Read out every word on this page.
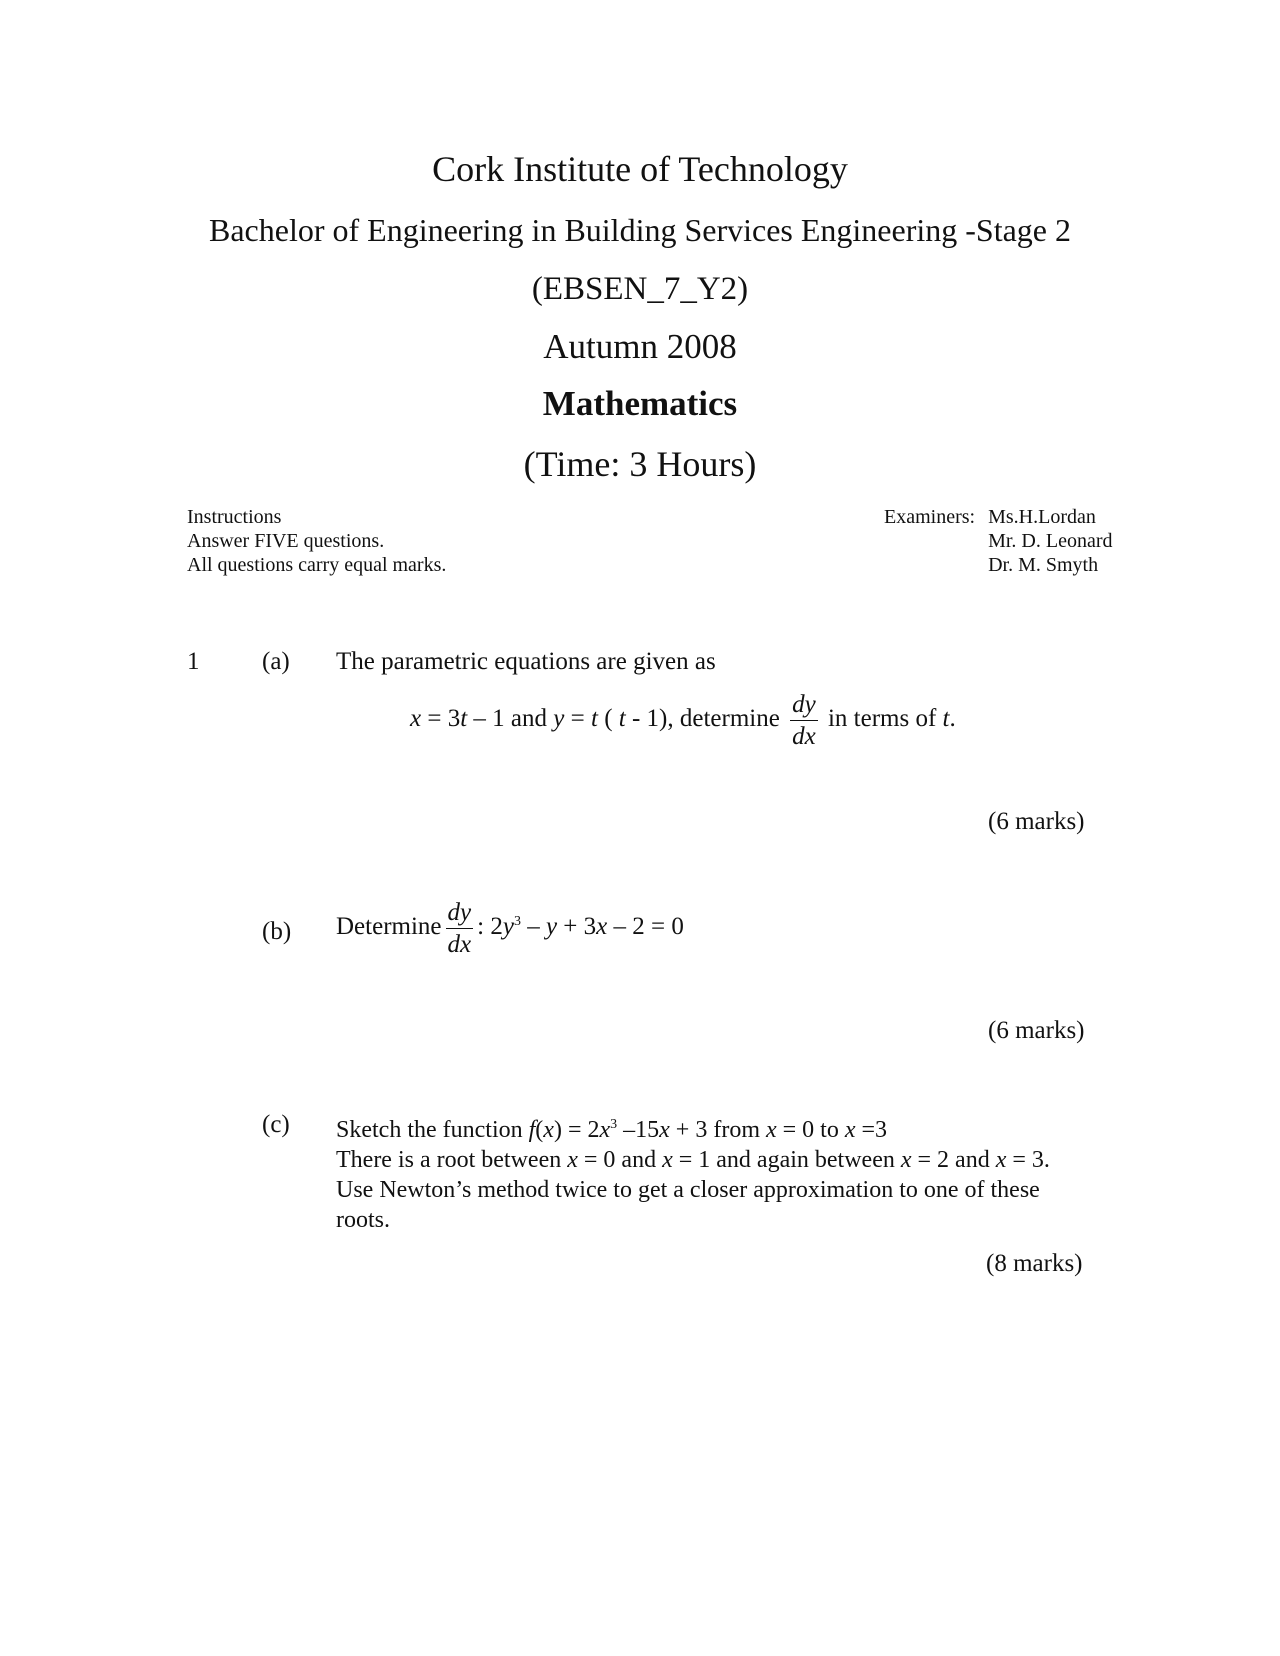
Cork Institute of Technology
Bachelor of Engineering in Building Services Engineering -Stage 2
(EBSEN_7_Y2)
Autumn 2008
Mathematics
(Time: 3 Hours)
Instructions
Answer FIVE questions.
All questions carry equal marks.
Examiners: Ms.H.Lordan
Mr. D. Leonard
Dr. M. Smyth
1	(a) The parametric equations are given as
x = 3t – 1 and y = t ( t - 1), determine $\frac{dy}{dx}$ in terms of t.
(6 marks)
(b) Determine $\frac{dy}{dx}$ : $2y^3 - y + 3x - 2 = 0$
(6 marks)
(c) Sketch the function $f(x) = 2x^3$ –15x + 3 from x = 0 to x =3
There is a root between x = 0 and x = 1 and again between x = 2 and x = 3.
Use Newton’s method twice to get a closer approximation to one of these
roots.
(8 marks)
